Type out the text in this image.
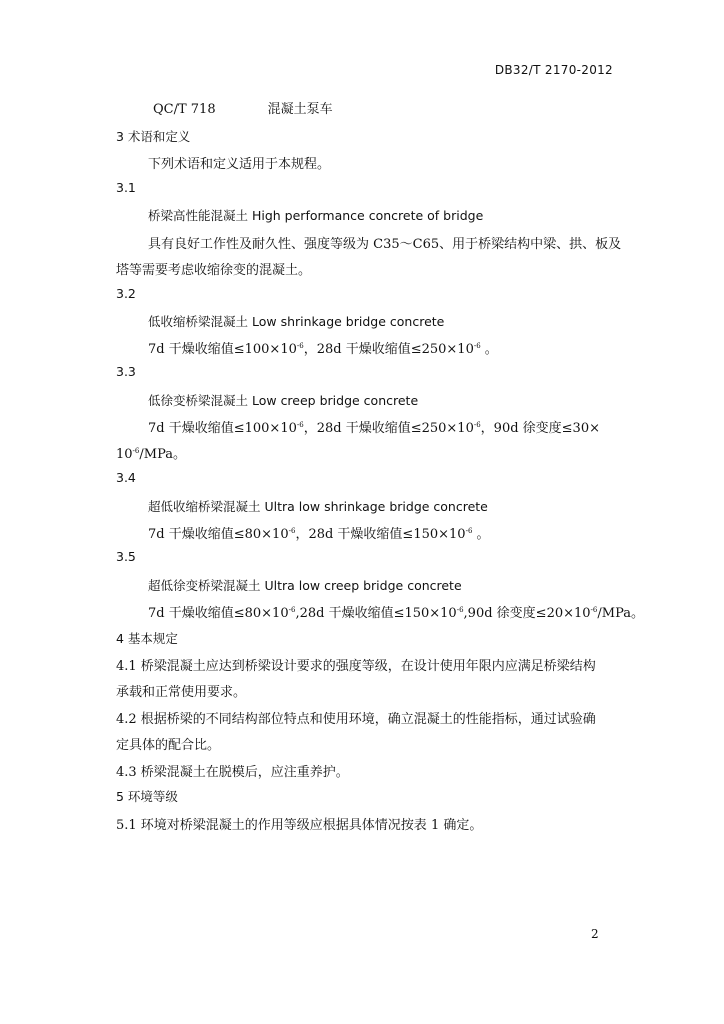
DB32/T 2170-2012
QC/T 718	混凝土泵车
3 术语和定义
下列术语和定义适用于本规程。
3.1
桥梁高性能混凝土 High performance concrete of bridge
具有良好工作性及耐久性、强度等级为 C35～C65、用于桥梁结构中梁、拱、板及
塔等需要考虑收缩徐变的混凝土。
3.2
低收缩桥梁混凝土 Low shrinkage bridge concrete
7d 干燥收缩值$\le 100\times 10^{-6}$，28d 干燥收缩值$\le 250\times 10^{-6}$ 。
3.3
低徐变桥梁混凝土 Low creep bridge concrete
7d 干燥收缩值$\le 100\times 10^{-6}$，28d 干燥收缩值$\le 250\times 10^{-6}$，90d 徐变度≤30×
$10^{-6}$/MPa。
3.4
超低收缩桥梁混凝土 Ultra low shrinkage bridge concrete
7d 干燥收缩值$\le 80\times 10^{-6}$，28d 干燥收缩值$\le 150\times 10^{-6}$ 。
3.5
超低徐变桥梁混凝土 Ultra low creep bridge concrete
7d 干燥收缩值$\le 80\times 10^{-6},28d$ 干燥收缩值$\le 150\times 10^{-6},90d$ 徐变度$\le 20\times 10^{-6}$/MPa。
4 基本规定
4.1 桥梁混凝土应达到桥梁设计要求的强度等级，在设计使用年限内应满足桥梁结构
承载和正常使用要求。
4.2 根据桥梁的不同结构部位特点和使用环境，确立混凝土的性能指标，通过试验确
定具体的配合比。
4.3 桥梁混凝土在脱模后，应注重养护。
5 环境等级
5.1 环境对桥梁混凝土的作用等级应根据具体情况按表 1 确定。
2
